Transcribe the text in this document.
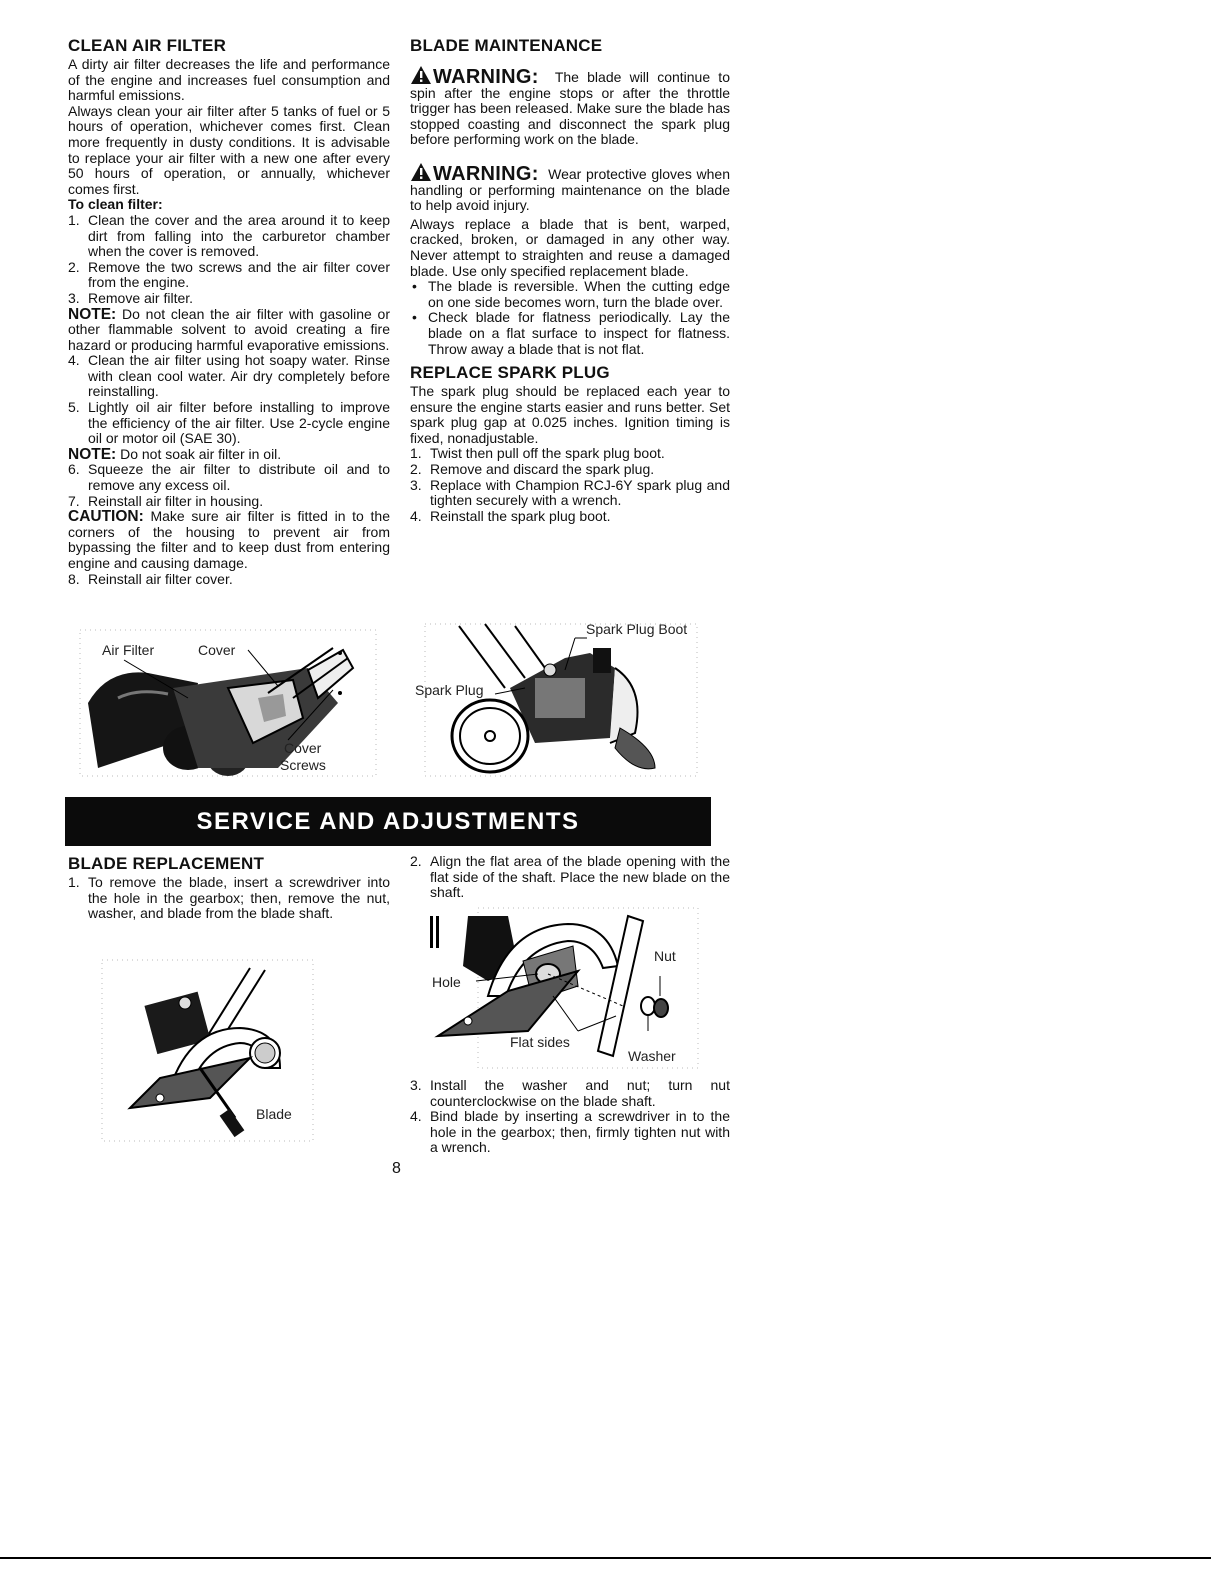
CLEAN AIR FILTER

A dirty air filter decreases the life and performance of the engine and increases fuel consumption and harmful emissions.

Always clean your air filter after 5 tanks of fuel or 5 hours of operation, whichever comes first. Clean more frequently in dusty conditions. It is advisable to replace your air filter with a new one after every 50 hours of operation, or annually, whichever comes first.

To clean filter:

1. Clean the cover and the area around it to keep dirt from falling into the carburetor chamber when the cover is removed.
2. Remove the two screws and the air filter cover from the engine.
3. Remove air filter.

NOTE: Do not clean the air filter with gasoline or other flammable solvent to avoid creating a fire hazard or producing harmful evaporative emissions.

4. Clean the air filter using hot soapy water. Rinse with clean cool water. Air dry completely before reinstalling.
5. Lightly oil air filter before installing to improve the efficiency of the air filter. Use 2-cycle engine oil or motor oil (SAE 30).

NOTE: Do not soak air filter in oil.

6. Squeeze the air filter to distribute oil and to remove any excess oil.
7. Reinstall air filter in housing.

CAUTION: Make sure air filter is fitted in to the corners of the housing to prevent air from bypassing the filter and to keep dust from entering engine and causing damage.

8. Reinstall air filter cover.
BLADE MAINTENANCE

WARNING: The blade will continue to spin after the engine stops or after the throttle trigger has been released. Make sure the blade has stopped coasting and disconnect the spark plug before performing work on the blade.

WARNING: Wear protective gloves when handling or performing maintenance on the blade to help avoid injury.

Always replace a blade that is bent, warped, cracked, broken, or damaged in any other way. Never attempt to straighten and reuse a damaged blade. Use only specified replacement blade.

• The blade is reversible. When the cutting edge on one side becomes worn, turn the blade over.
• Check blade for flatness periodically. Lay the blade on a flat surface to inspect for flatness. Throw away a blade that is not flat.
REPLACE SPARK PLUG

The spark plug should be replaced each year to ensure the engine starts easier and runs better. Set spark plug gap at 0.025 inches. Ignition timing is fixed, nonadjustable.

1. Twist then pull off the spark plug boot.
2. Remove and discard the spark plug.
3. Replace with Champion RCJ-6Y spark plug and tighten securely with a wrench.
4. Reinstall the spark plug boot.
Air Filter	Cover
Cover
Screws
Spark Plug Boot
Spark Plug
SERVICE AND ADJUSTMENTS
BLADE REPLACEMENT
1. To remove the blade, insert a screwdriver into the hole in the gearbox; then, remove the nut, washer, and blade from the blade shaft.
Blade
2. Align the flat area of the blade opening with the flat side of the shaft. Place the new blade on the shaft.
Hole
Nut
Flat sides
Washer
3. Install the washer and nut; turn nut counterclockwise on the blade shaft.
4. Bind blade by inserting a screwdriver in to the hole in the gearbox; then, firmly tighten nut with a wrench.
8
